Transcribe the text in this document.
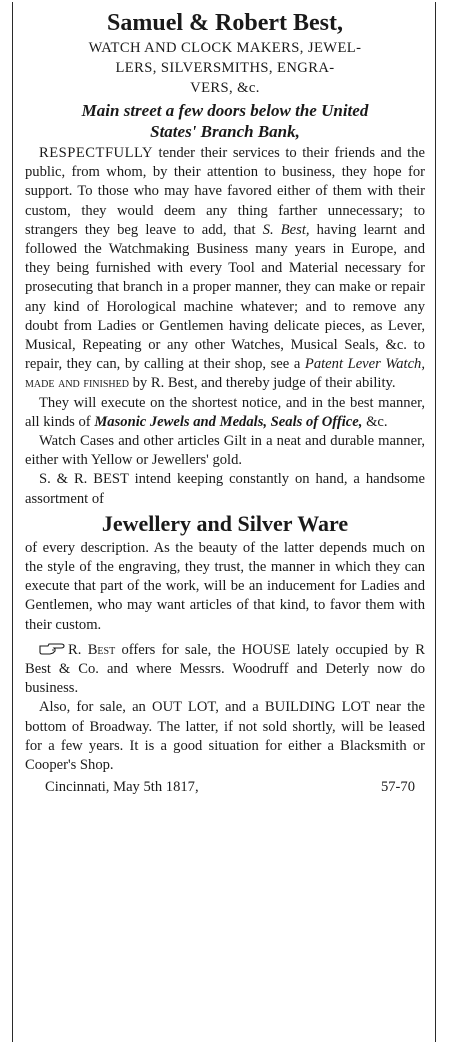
Samuel & Robert Best,
WATCH AND CLOCK MAKERS, JEWEL-
LERS, SILVERSMITHS, ENGRA-
VERS, &c.
Main street a few doors below the United
States' Branch Bank,

RESPECTFULLY tender their services to their friends and the public, from whom, by their attention to business, they hope for support. To those who may have favored either of them with their custom, they would deem any thing farther unnecessary; to strangers they beg leave to add, that S. Best, having learnt and followed the Watchmaking Business many years in Europe, and they being furnished with every Tool and Material necessary for prosecuting that branch in a proper manner, they can make or repair any kind of Horological machine whatever; and to remove any doubt from Ladies or Gentlemen having delicate pieces, as Lever, Musical, Repeating or any other Watches, Musical Seals, &c. to repair, they can, by calling at their shop, see a Patent Lever Watch, made and finished by R. Best, and thereby judge of their ability.

They will execute on the shortest notice, and in the best manner, all kinds of Masonic Jewels and Medals, Seals of Office, &c.

Watch Cases and other articles Gilt in a neat and durable manner, either with Yellow or Jewellers' gold.

S. & R. BEST intend keeping constantly on hand, a handsome assortment of

Jewellery and Silver Ware

of every description. As the beauty of the latter depends much on the style of the engraving, they trust, the manner in which they can execute that part of the work, will be an inducement for Ladies and Gentlemen, who may want articles of that kind, to favor them with their custom.

R. Best offers for sale, the HOUSE lately occupied by R Best & Co. and where Messrs. Woodruff and Deterly now do business.

Also, for sale, an OUT LOT, and a BUILDING LOT near the bottom of Broadway. The latter, if not sold shortly, will be leased for a few years. It is a good situation for either a Blacksmith or Cooper's Shop.

Cincinnati, May 5th 1817,	57-70
